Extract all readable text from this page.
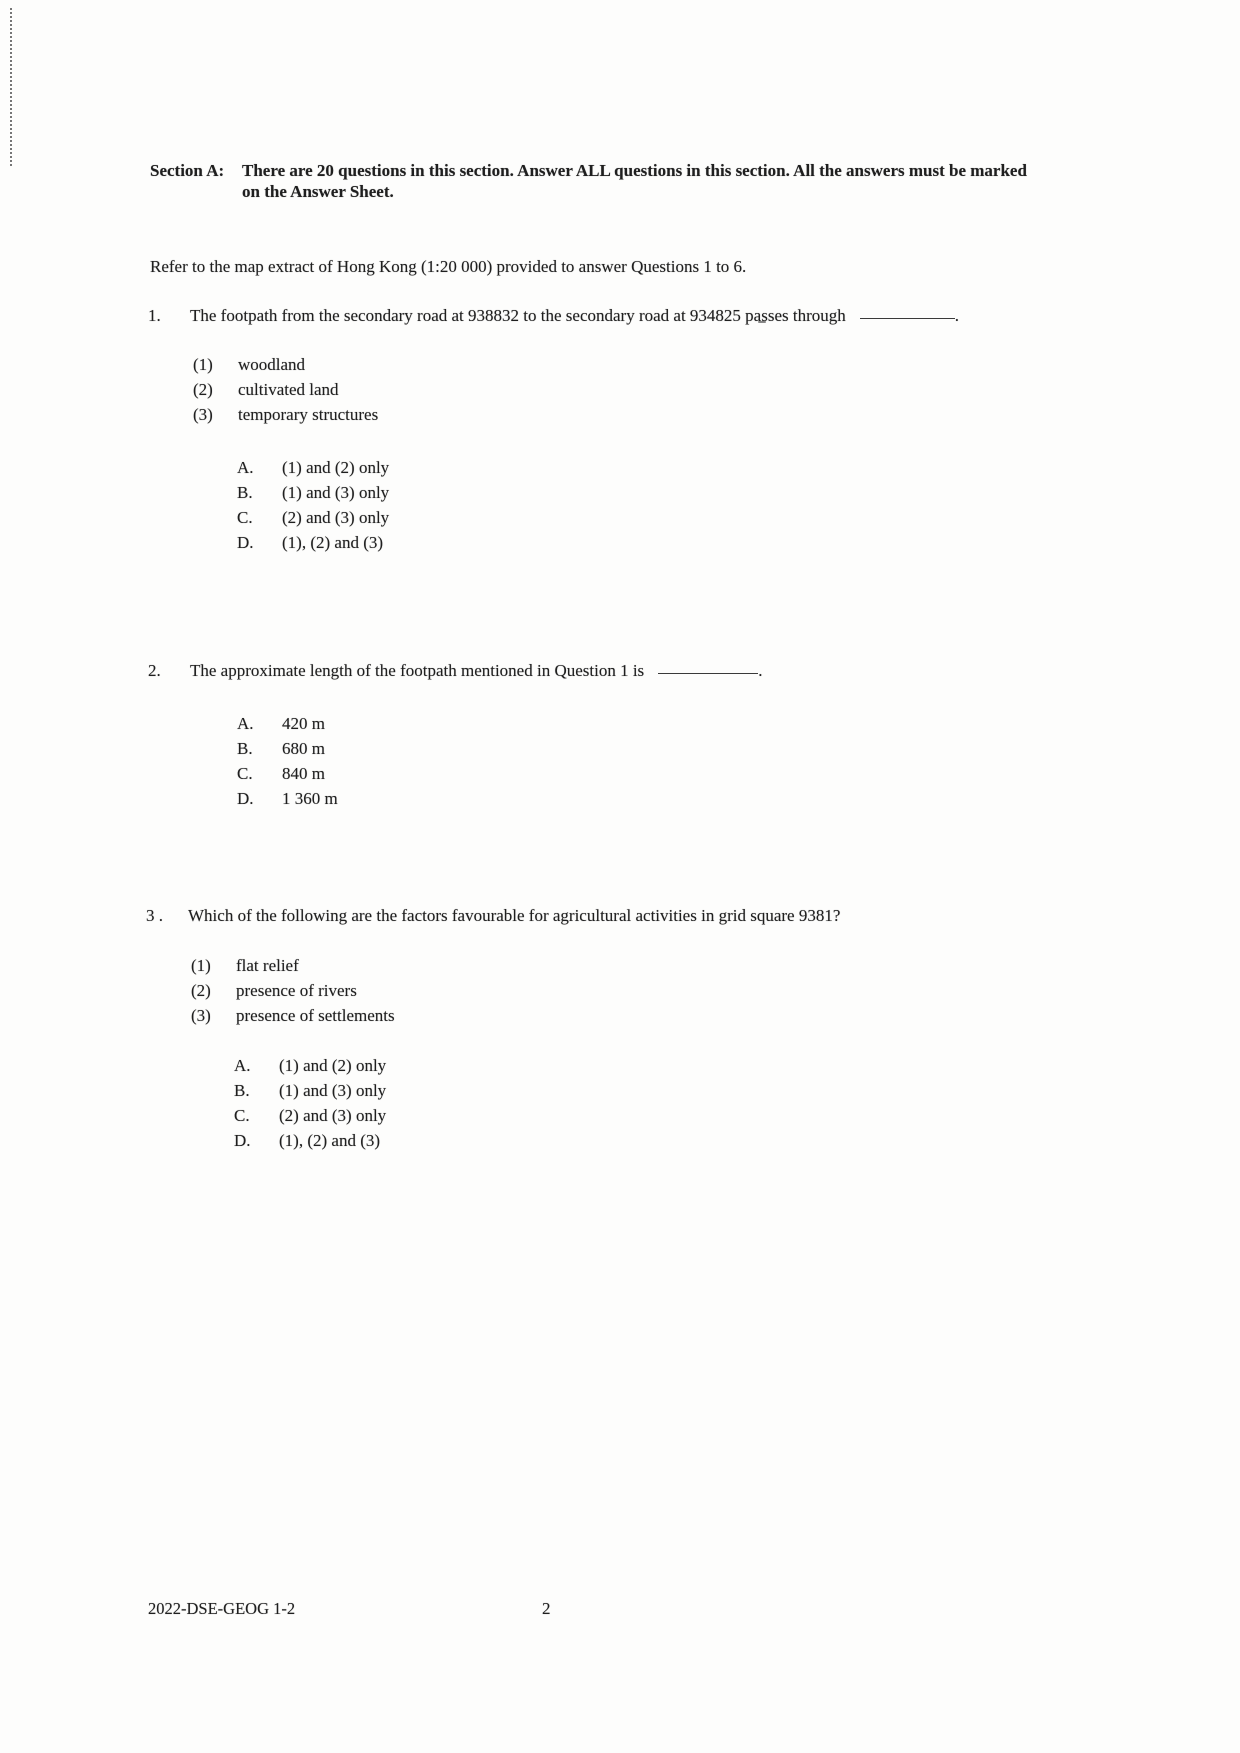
Section A:	There are 20 questions in this section. Answer ALL questions in this section. All the answers must be marked on the Answer Sheet.
Refer to the map extract of Hong Kong (1:20 000) provided to answer Questions 1 to 6.
1.	The footpath from the secondary road at 938832 to the secondary road at 934825 passes through	.
(1)	woodland
(2)	cultivated land
(3)	temporary structures
A.	(1) and (2) only
B.	(1) and (3) only
C.	(2) and (3) only
D.	(1), (2) and (3)
2.	The approximate length of the footpath mentioned in Question 1 is	.
A.	420 m
B.	680 m
C.	840 m
D.	1 360 m
3 .	Which of the following are the factors favourable for agricultural activities in grid square 9381?
(1)	flat relief
(2)	presence of rivers
(3)	presence of settlements
A.	(1) and (2) only
B.	(1) and (3) only
C.	(2) and (3) only
D.	(1), (2) and (3)
2022-DSE-GEOG 1-2	2
